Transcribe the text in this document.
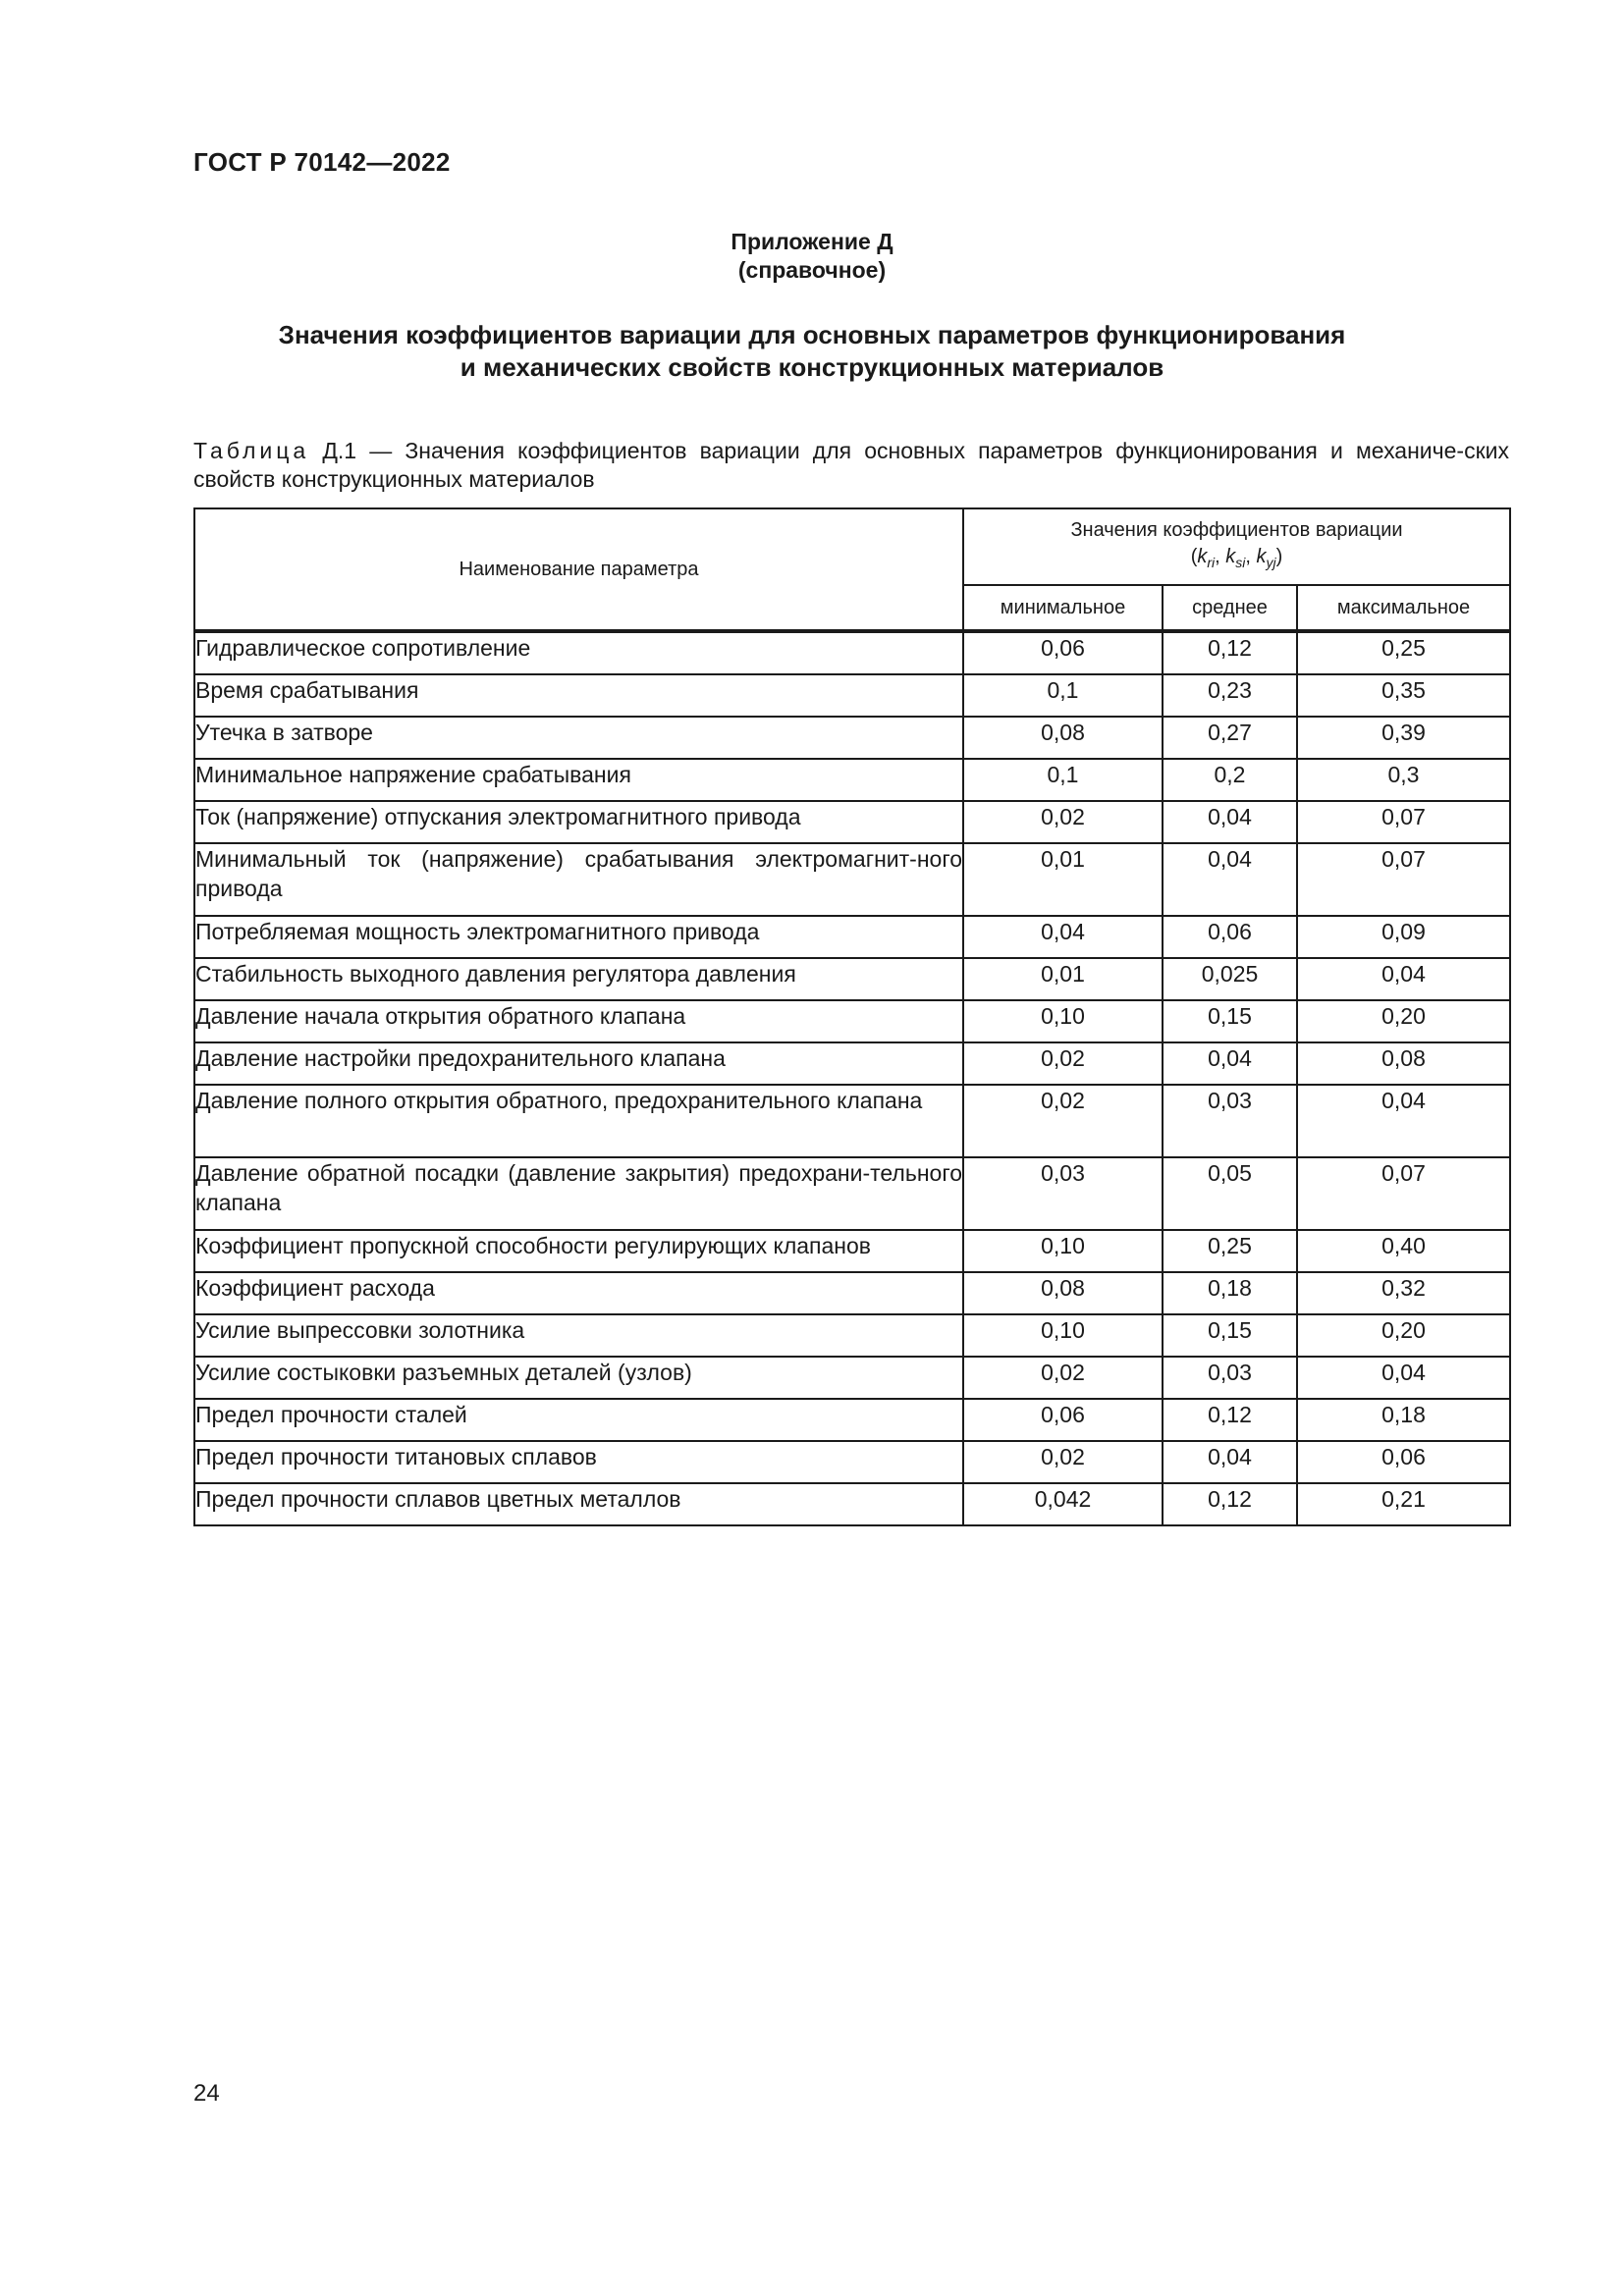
ГОСТ Р 70142—2022
Приложение Д
(справочное)
Значения коэффициентов вариации для основных параметров функционирования
и механических свойств конструкционных материалов
Таблица Д.1 — Значения коэффициентов вариации для основных параметров функционирования и механиче-ских свойств конструкционных материалов
Наименование параметра	Значения коэффициентов вариации
($k_{ri}$, $k_{si}$, $k_{yj}$)		

	минимальное	среднее	максимальное
Гидравлическое сопротивление	0,06	0,12	0,25
Время срабатывания	0,1	0,23	0,35
Утечка в затворе	0,08	0,27	0,39
Минимальное напряжение срабатывания	0,1	0,2	0,3
Ток (напряжение) отпускания электромагнитного привода	0,02	0,04	0,07
Минимальный ток (напряжение) срабатывания электромагнит-ного привода	0,01	0,04	0,07
Потребляемая мощность электромагнитного привода	0,04	0,06	0,09
Стабильность выходного давления регулятора давления	0,01	0,025	0,04
Давление начала открытия обратного клапана	0,10	0,15	0,20
Давление настройки предохранительного клапана	0,02	0,04	0,08
Давление полного открытия обратного, предохранительного клапана	0,02	0,03	0,04
Давление обратной посадки (давление закрытия) предохрани-тельного клапана	0,03	0,05	0,07
Коэффициент пропускной способности регулирующих клапанов	0,10	0,25	0,40
Коэффициент расхода	0,08	0,18	0,32
Усилие выпрессовки золотника	0,10	0,15	0,20
Усилие состыковки разъемных деталей (узлов)	0,02	0,03	0,04
Предел прочности сталей	0,06	0,12	0,18
Предел прочности титановых сплавов	0,02	0,04	0,06
Предел прочности сплавов цветных металлов	0,042	0,12	0,21
24
